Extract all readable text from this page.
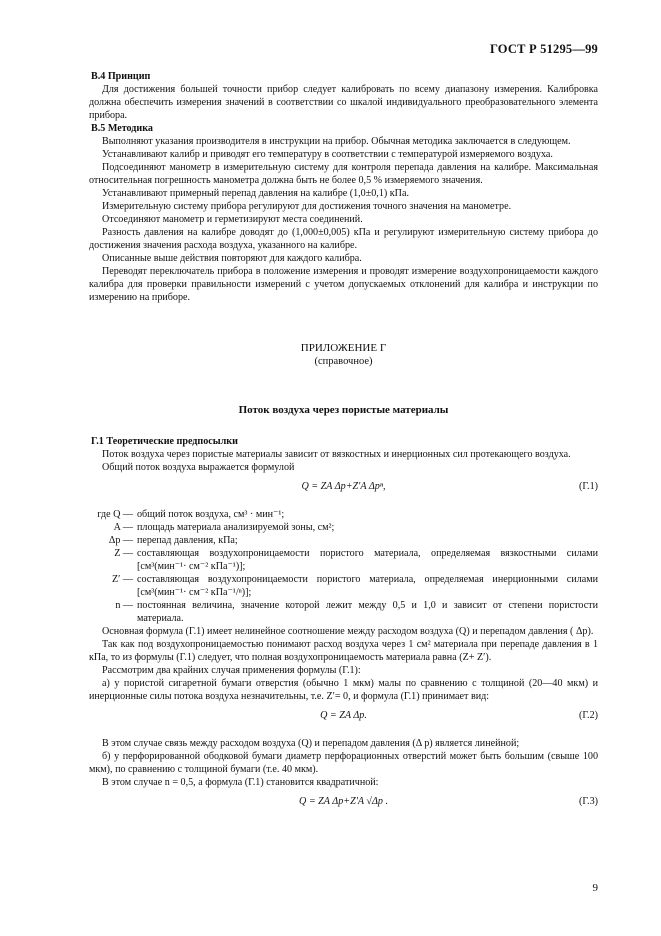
ГОСТ Р 51295—99
В.4 Принцип

Для достижения большей точности прибор следует калибровать по всему диапазону измерения. Калибровка должна обеспечить измерения значений в соответствии со шкалой индивидуального преобразовательного элемента прибора.

В.5 Методика

Выполняют указания производителя в инструкции на прибор. Обычная методика заключается в следующем.

Устанавливают калибр и приводят его температуру в соответствии с температурой измеряемого воздуха.

Подсоединяют манометр в измерительную систему для контроля перепада давления на калибре. Максимальная относительная погрешность манометра должна быть не более 0,5 % измеряемого значения.

Устанавливают примерный перепад давления на калибре (1,0±0,1) кПа.

Измерительную систему прибора регулируют для достижения точного значения на манометре.

Отсоединяют манометр и герметизируют места соединений.

Разность давления на калибре доводят до (1,000±0,005) кПа и регулируют измерительную систему прибора до достижения значения расхода воздуха, указанного на калибре.

Описанные выше действия повторяют для каждого калибра.

Переводят переключатель прибора в положение измерения и проводят измерение воздухопроницаемости каждого калибра для проверки правильности измерений с учетом допускаемых отклонений для калибра и инструкции по измерению на приборе.

ПРИЛОЖЕНИЕ Г
(справочное)
Поток воздуха через пористые материалы
Г.1 Теоретические предпосылки

Поток воздуха через пористые материалы зависит от вязкостных и инерционных сил протекающего воздуха.

Общий поток воздуха выражается формулой

Q = ZA Δp+Z′A Δpⁿ,	(Г.1)
где Q — общий поток воздуха, см³ · мин⁻¹;
A — площадь материала анализируемой зоны, см²;
Δp — перепад давления, кПа;
Z — составляющая воздухопроницаемости пористого материала, определяемая вязкостными силами [см³(мин⁻¹· см⁻² кПа⁻¹)];
Z′ — составляющая воздухопроницаемости пористого материала, определяемая инерционными силами [см³(мин⁻¹· см⁻² кПа⁻¹/ⁿ)];
n — постоянная величина, значение которой лежит между 0,5 и 1,0 и зависит от степени пористости материала.

Основная формула (Г.1) имеет нелинейное соотношение между расходом воздуха (Q) и перепадом давления ( Δp).

Так как под воздухопроницаемостью понимают расход воздуха через 1 см² материала при перепаде давления в 1 кПа, то из формулы (Г.1) следует, что полная воздухопроницаемость материала равна (Z+ Z′).

Рассмотрим два крайних случая применения формулы (Г.1):

а) у пористой сигаретной бумаги отверстия (обычно 1 мкм) малы по сравнению с толщиной (20—40 мкм) и инерционные силы потока воздуха незначительны, т.е. Z′= 0, и формула (Г.1) принимает вид:

Q = ZA Δp.	(Г.2)

В этом случае связь между расходом воздуха (Q) и перепадом давления (Δ p) является линейной;

б) у перфорированной ободковой бумаги диаметр перфорационных отверстий может быть большим (свыше 100 мкм), по сравнению с толщиной бумаги (т.е. 40 мкм).

В этом случае n = 0,5, а формула (Г.1) становится квадратичной:

Q = ZA Δp+Z′A √Δp .	(Г.3)
9
